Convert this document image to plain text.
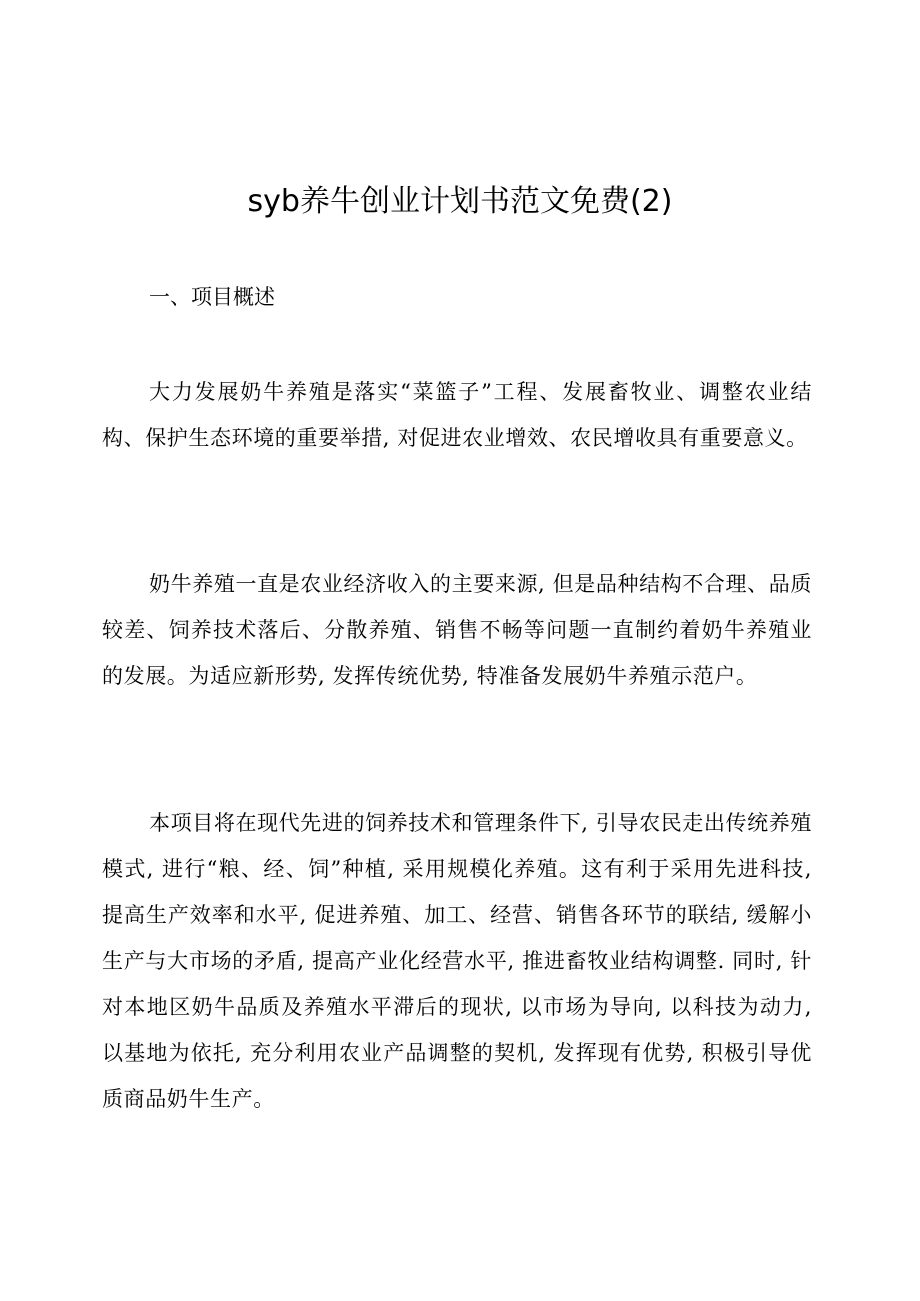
syb养牛创业计划书范文免费(2)
一、项目概述

大力发展奶牛养殖是落实“菜篮子”工程、发展畜牧业、调整农业结构、保护生态环境的重要举措, 对促进农业增效、农民增收具有重要意义。

奶牛养殖一直是农业经济收入的主要来源, 但是品种结构不合理、品质较差、饲养技术落后、分散养殖、销售不畅等问题一直制约着奶牛养殖业的发展。为适应新形势, 发挥传统优势, 特准备发展奶牛养殖示范户。

本项目将在现代先进的饲养技术和管理条件下, 引导农民走出传统养殖模式, 进行“粮、经、饲”种植, 采用规模化养殖。这有利于采用先进科技, 提高生产效率和水平, 促进养殖、加工、经营、销售各环节的联结, 缓解小生产与大市场的矛盾, 提高产业化经营水平, 推进畜牧业结构调整. 同时, 针对本地区奶牛品质及养殖水平滞后的现状, 以市场为导向, 以科技为动力, 以基地为依托, 充分利用农业产品调整的契机, 发挥现有优势, 积极引导优质商品奶牛生产。
